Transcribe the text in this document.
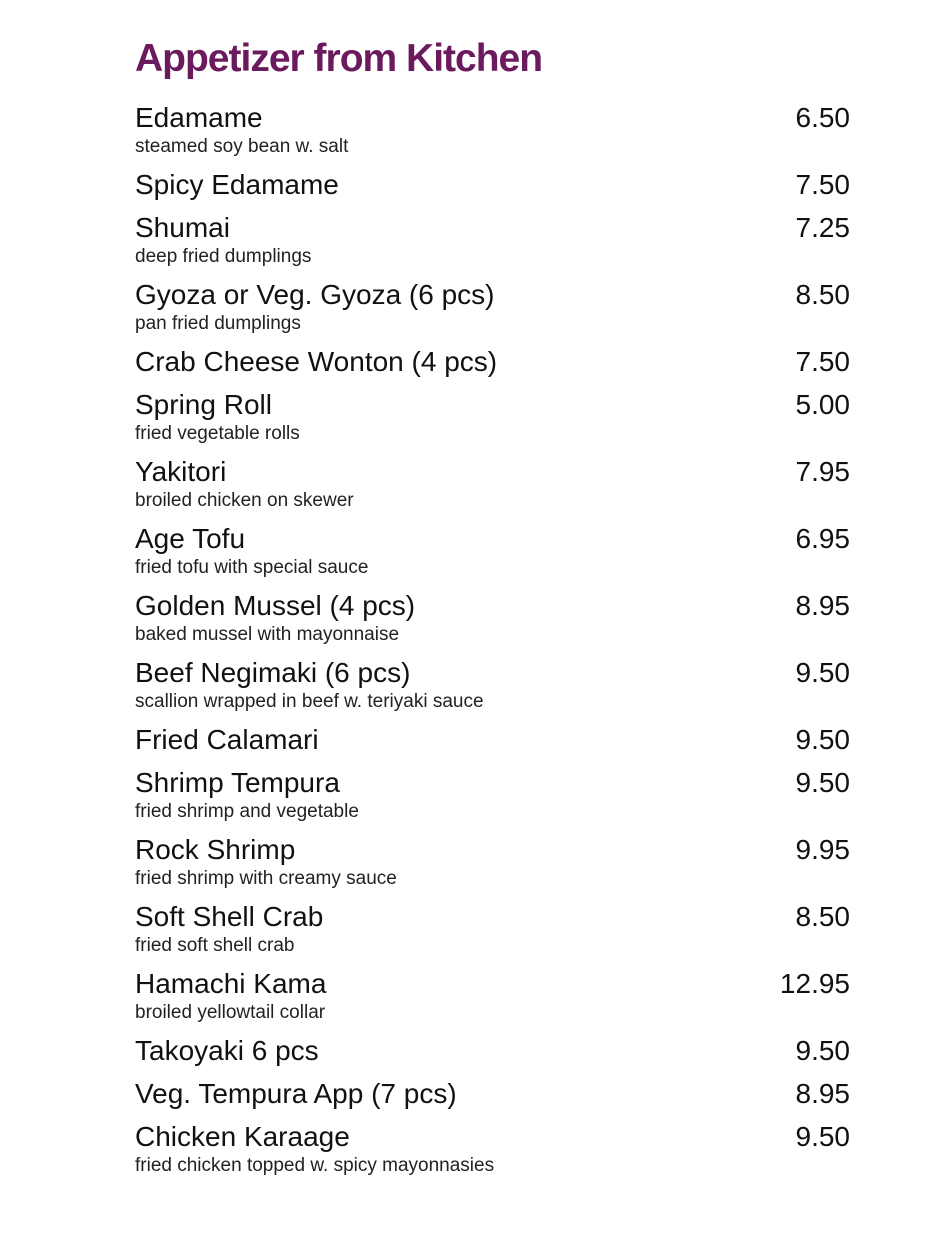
Appetizer from Kitchen
Edamame	6.50
steamed soy bean w. salt
Spicy Edamame	7.50
Shumai	7.25
deep fried dumplings
Gyoza or Veg. Gyoza (6 pcs)	8.50
pan fried dumplings
Crab Cheese Wonton (4 pcs)	7.50
Spring Roll	5.00
fried vegetable rolls
Yakitori	7.95
broiled chicken on skewer
Age Tofu	6.95
fried tofu with special sauce
Golden Mussel (4 pcs)	8.95
baked mussel with mayonnaise
Beef Negimaki (6 pcs)	9.50
scallion wrapped in beef w. teriyaki sauce
Fried Calamari	9.50
Shrimp Tempura	9.50
fried shrimp and vegetable
Rock Shrimp	9.95
fried shrimp with creamy sauce
Soft Shell Crab	8.50
fried soft shell crab
Hamachi Kama	12.95
broiled yellowtail collar
Takoyaki 6 pcs	9.50
Veg. Tempura App (7 pcs)	8.95
Chicken Karaage	9.50
fried chicken topped w. spicy mayonnasies
